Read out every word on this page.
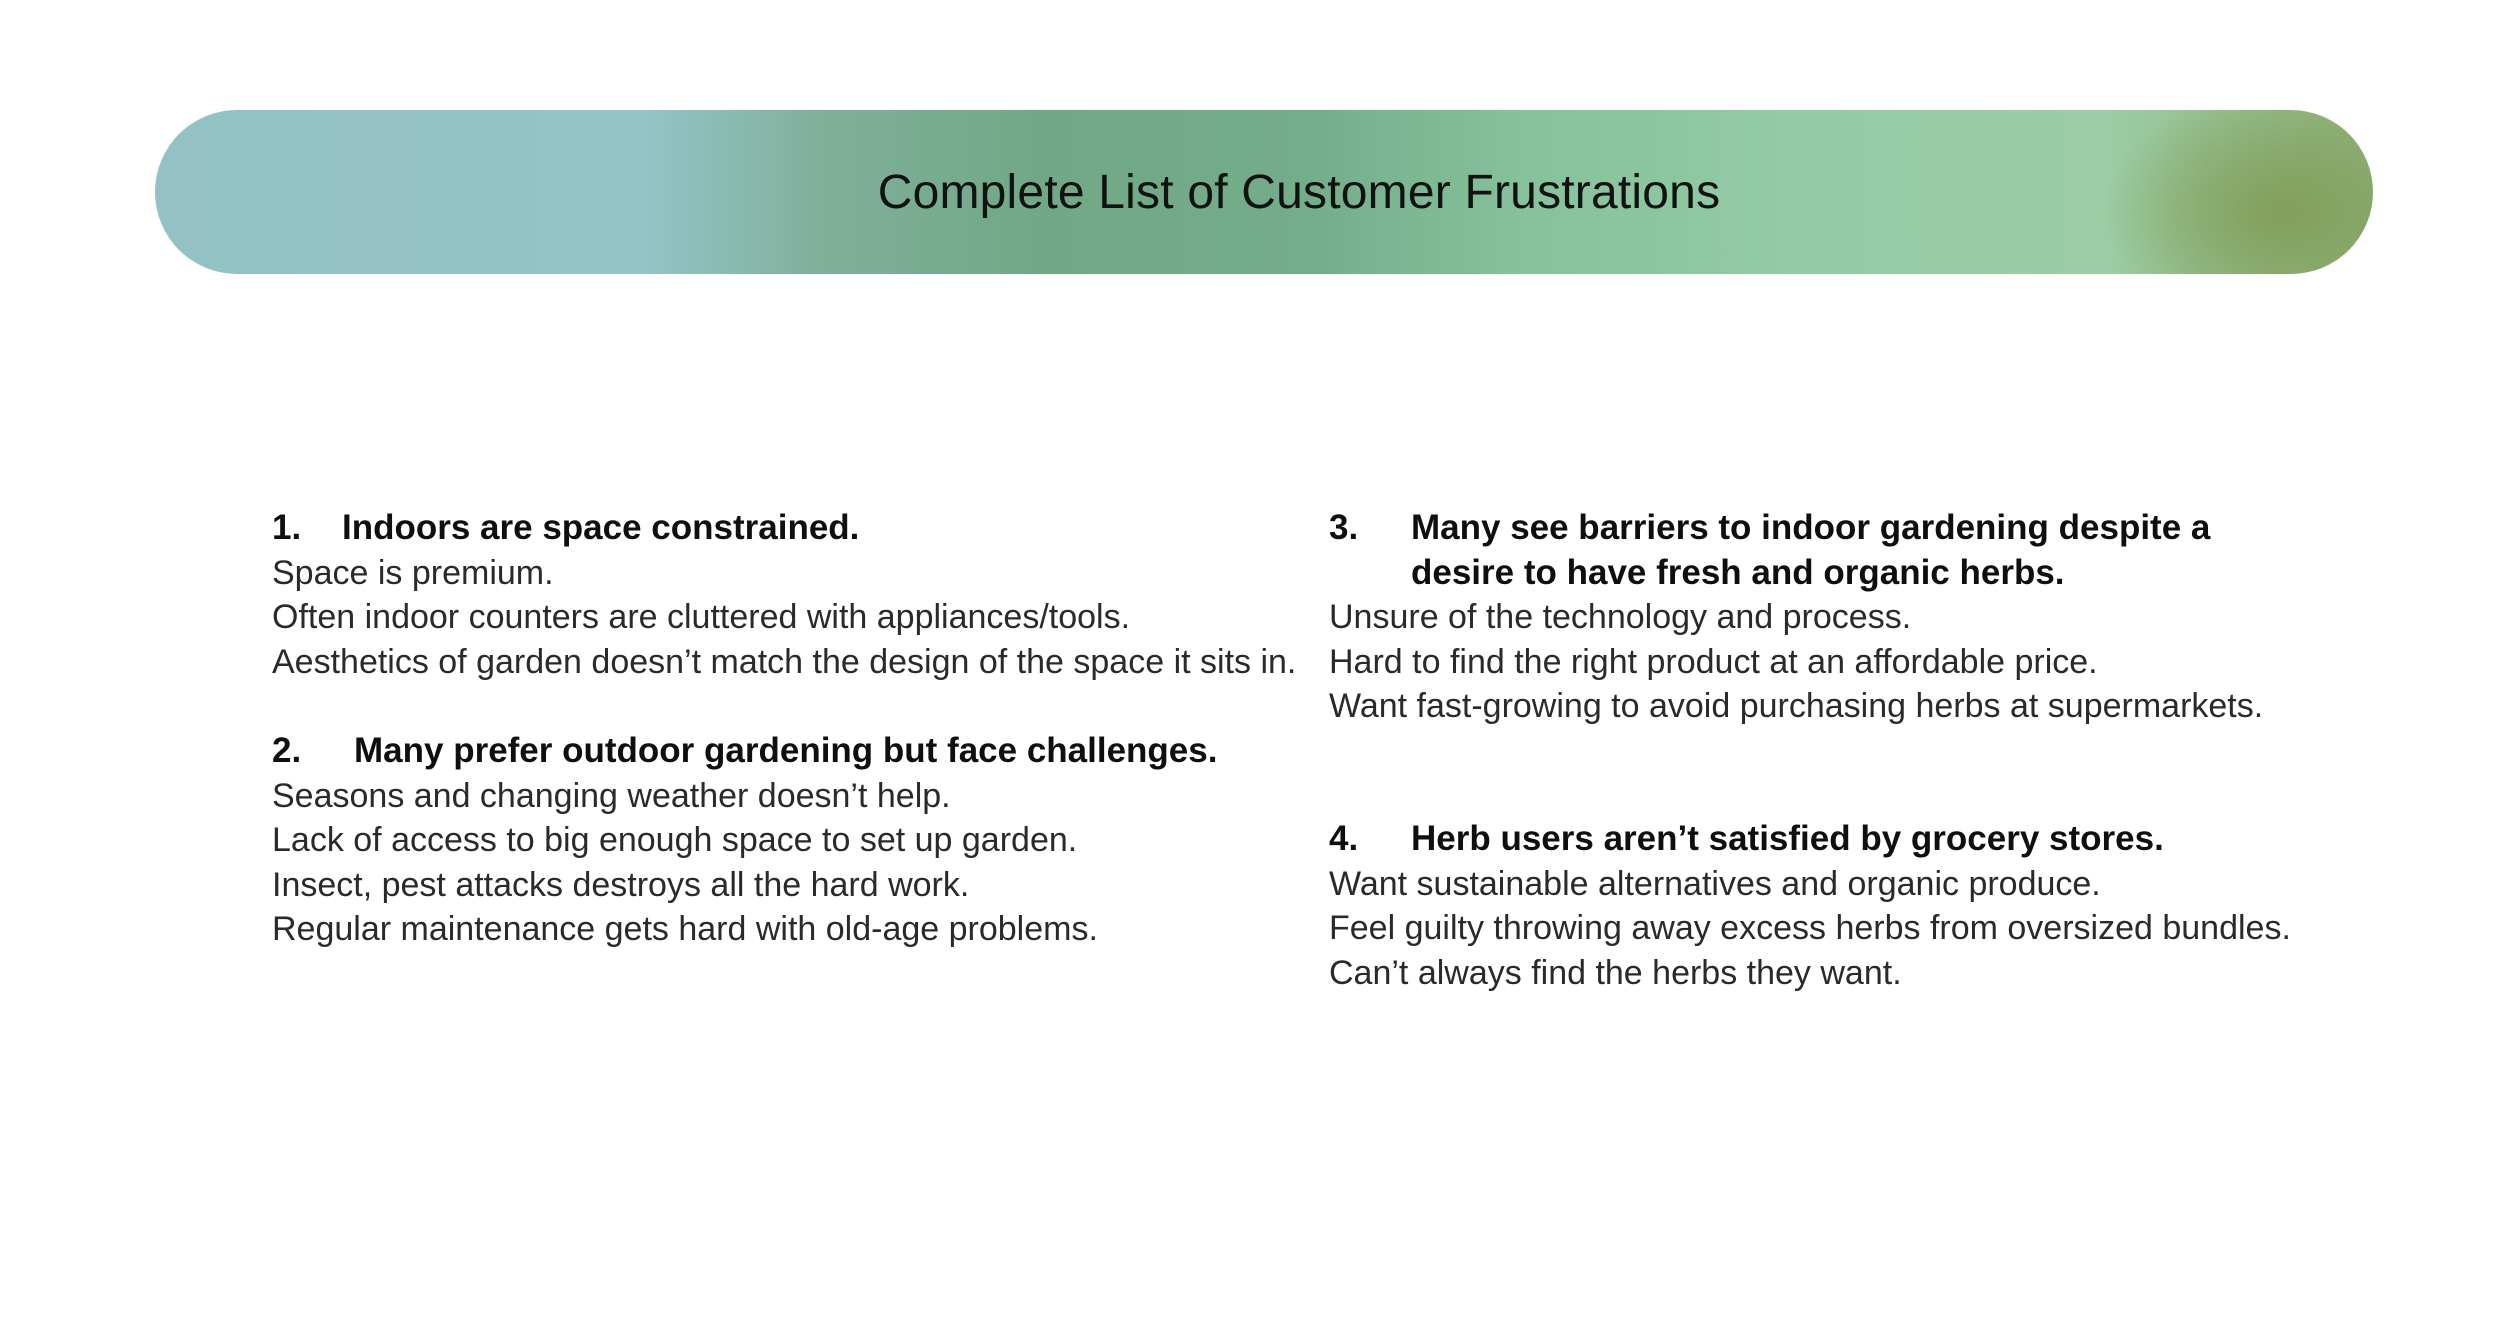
Complete List of Customer Frustrations
1.	Indoors are space constrained.
Space is premium.
Often indoor counters are cluttered with appliances/tools.
Aesthetics of garden doesn’t match the design of the space it sits in.
2.	Many prefer outdoor gardening but face challenges.
Seasons and changing weather doesn’t help.
Lack of access to big enough space to set up garden.
Insect, pest attacks destroys all the hard work.
Regular maintenance gets hard with old-age problems.
3.	Many see barriers to indoor gardening despite a
desire to have fresh and organic herbs.
Unsure of the technology and process.
Hard to find the right product at an affordable price.
Want fast-growing to avoid purchasing herbs at supermarkets.
4.	Herb users aren’t satisfied by grocery stores.
Want sustainable alternatives and organic produce.
Feel guilty throwing away excess herbs from oversized bundles.
Can’t always find the herbs they want.
